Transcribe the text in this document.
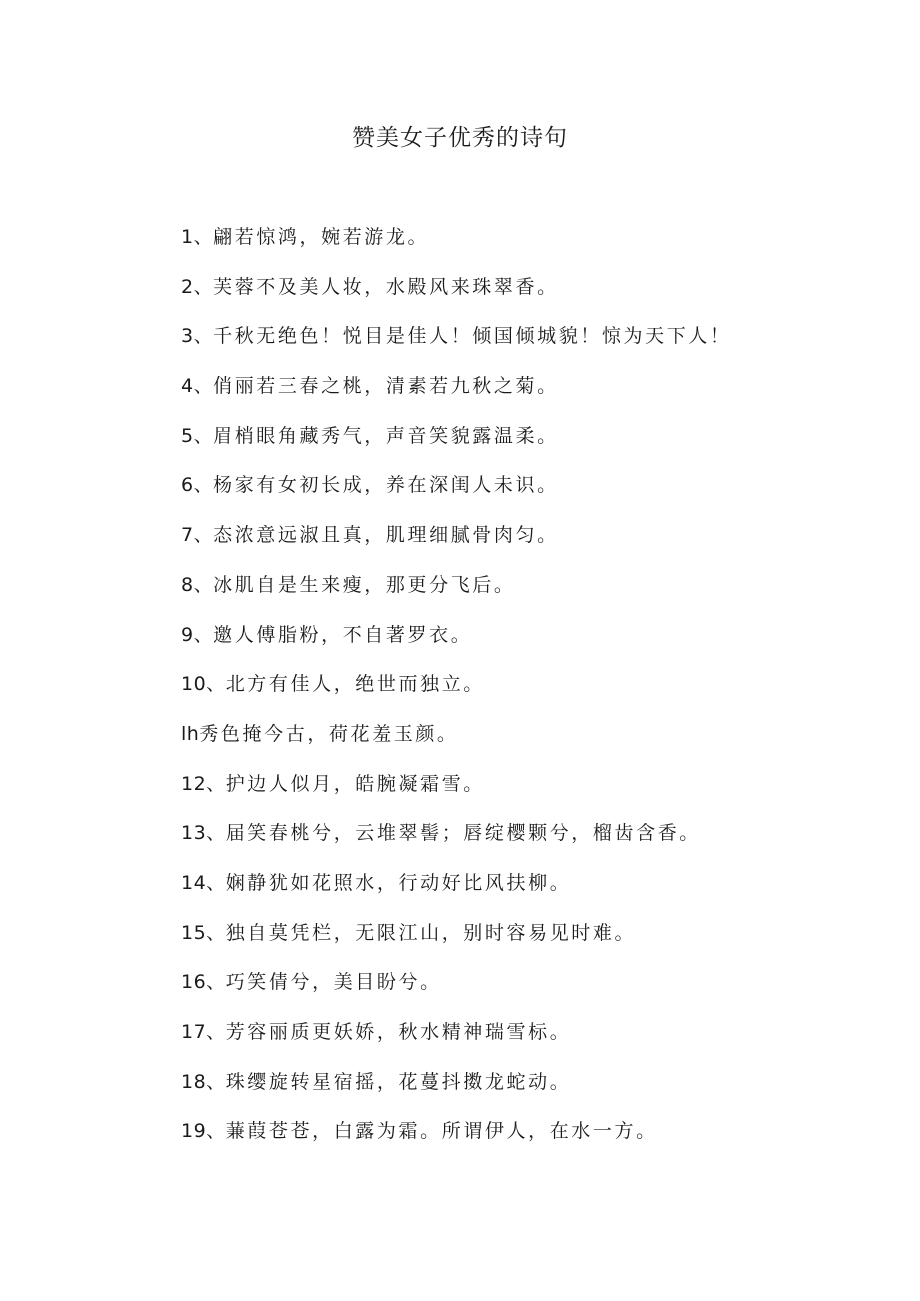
赞美女子优秀的诗句
1、翩若惊鸿，婉若游龙。
2、芙蓉不及美人妆，水殿风来珠翠香。
3、千秋无绝色！悦目是佳人！倾国倾城貌！惊为天下人！
4、俏丽若三春之桃，清素若九秋之菊。
5、眉梢眼角藏秀气，声音笑貌露温柔。
6、杨家有女初长成，养在深闺人未识。
7、态浓意远淑且真，肌理细腻骨肉匀。
8、冰肌自是生来瘦，那更分飞后。
9、邀人傅脂粉，不自著罗衣。
10、北方有佳人，绝世而独立。
lh秀色掩今古，荷花羞玉颜。
12、护边人似月，皓腕凝霜雪。
13、届笑春桃兮，云堆翠髻；唇绽樱颗兮，榴齿含香。
14、娴静犹如花照水，行动好比风扶柳。
15、独自莫凭栏，无限江山，别时容易见时难。
16、巧笑倩兮，美目盼兮。
17、芳容丽质更妖娇，秋水精神瑞雪标。
18、珠缨旋转星宿摇，花蔓抖擞龙蛇动。
19、蒹葭苍苍，白露为霜。所谓伊人，在水一方。
